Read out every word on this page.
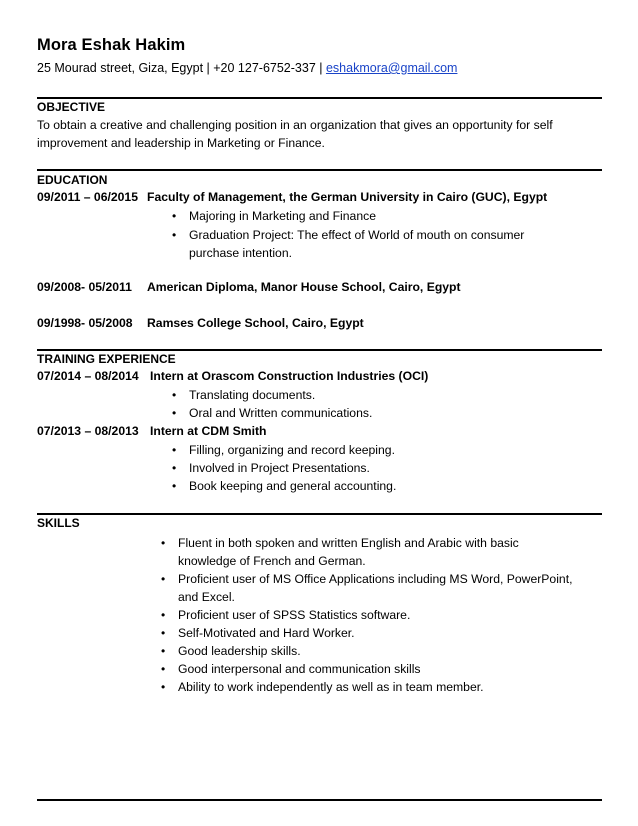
Mora Eshak Hakim
25 Mourad street, Giza, Egypt | +20 127-6752-337 | eshakmora@gmail.com
OBJECTIVE
To obtain a creative and challenging position in an organization that gives an opportunity for self improvement and leadership in Marketing or Finance.
EDUCATION
09/2011 – 06/2015 Faculty of Management, the German University in Cairo (GUC), Egypt
• Majoring in Marketing and Finance
• Graduation Project: The effect of World of mouth on consumer purchase intention.
09/2008- 05/2011 American Diploma, Manor House School, Cairo, Egypt
09/1998- 05/2008 Ramses College School, Cairo, Egypt
TRAINING EXPERIENCE
07/2014 – 08/2014 Intern at Orascom Construction Industries (OCI)
• Translating documents.
• Oral and Written communications.
07/2013 – 08/2013 Intern at CDM Smith
• Filling, organizing and record keeping.
• Involved in Project Presentations.
• Book keeping and general accounting.
SKILLS
• Fluent in both spoken and written English and Arabic with basic knowledge of French and German.
• Proficient user of MS Office Applications including MS Word, PowerPoint, and Excel.
• Proficient user of SPSS Statistics software.
• Self-Motivated and Hard Worker.
• Good leadership skills.
• Good interpersonal and communication skills
• Ability to work independently as well as in team member.
